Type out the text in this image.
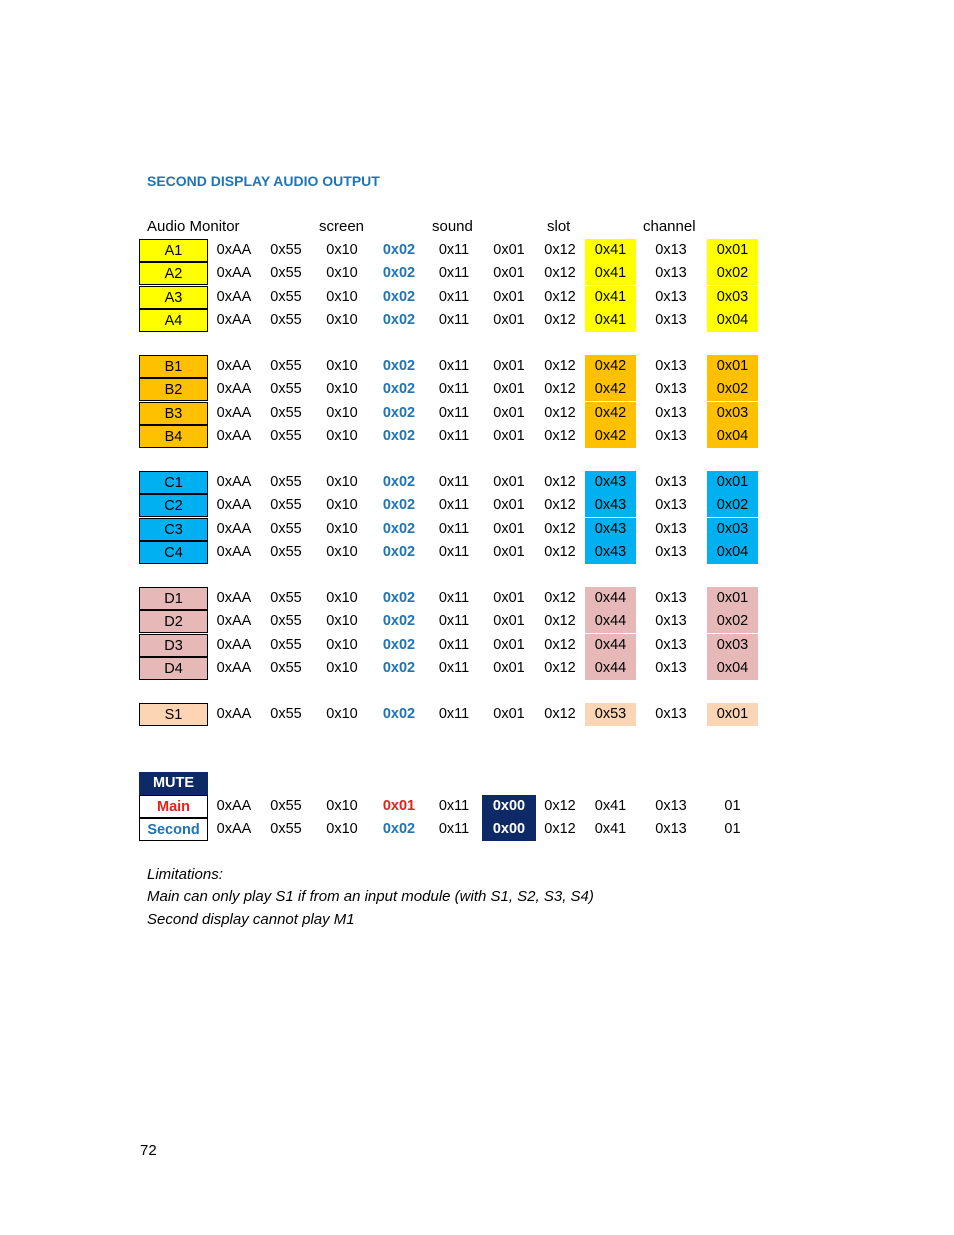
SECOND DISPLAY AUDIO OUTPUT
Audio Monitor	screen	sound	slot	channel
A1	0xAA	0x55	0x10	0x02	0x11	0x01	0x12	0x41	0x13	0x01
A2	0xAA	0x55	0x10	0x02	0x11	0x01	0x12	0x41	0x13	0x02
A3	0xAA	0x55	0x10	0x02	0x11	0x01	0x12	0x41	0x13	0x03
A4	0xAA	0x55	0x10	0x02	0x11	0x01	0x12	0x41	0x13	0x04
B1	0xAA	0x55	0x10	0x02	0x11	0x01	0x12	0x42	0x13	0x01
B2	0xAA	0x55	0x10	0x02	0x11	0x01	0x12	0x42	0x13	0x02
B3	0xAA	0x55	0x10	0x02	0x11	0x01	0x12	0x42	0x13	0x03
B4	0xAA	0x55	0x10	0x02	0x11	0x01	0x12	0x42	0x13	0x04
C1	0xAA	0x55	0x10	0x02	0x11	0x01	0x12	0x43	0x13	0x01
C2	0xAA	0x55	0x10	0x02	0x11	0x01	0x12	0x43	0x13	0x02
C3	0xAA	0x55	0x10	0x02	0x11	0x01	0x12	0x43	0x13	0x03
C4	0xAA	0x55	0x10	0x02	0x11	0x01	0x12	0x43	0x13	0x04
D1	0xAA	0x55	0x10	0x02	0x11	0x01	0x12	0x44	0x13	0x01
D2	0xAA	0x55	0x10	0x02	0x11	0x01	0x12	0x44	0x13	0x02
D3	0xAA	0x55	0x10	0x02	0x11	0x01	0x12	0x44	0x13	0x03
D4	0xAA	0x55	0x10	0x02	0x11	0x01	0x12	0x44	0x13	0x04
S1	0xAA	0x55	0x10	0x02	0x11	0x01	0x12	0x53	0x13	0x01
MUTE
Main	0xAA	0x55	0x10	0x01	0x11	0x00	0x12	0x41	0x13	01
Second	0xAA	0x55	0x10	0x02	0x11	0x00	0x12	0x41	0x13	01
Limitations:
Main can only play S1 if from an input module (with S1, S2, S3, S4)
Second display cannot play M1
72
